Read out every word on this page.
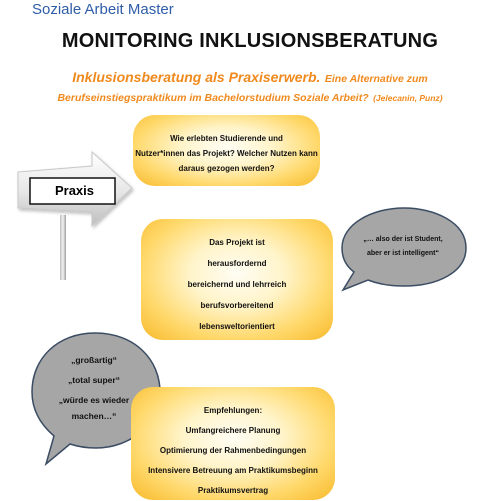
Soziale Arbeit Master
MONITORING INKLUSIONSBERATUNG
Inklusionsberatung als Praxiserwerb. Eine Alternative zum
Berufseinstiegspraktikum im Bachelorstudium Soziale Arbeit? (Jelecanin, Punz)
Praxis
Wie erlebten Studierende und
Nutzer*innen das Projekt? Welcher Nutzen kann
daraus gezogen werden?
Das Projekt ist
herausfordernd
bereichernd und lehrreich
berufsvorbereitend
lebensweltorientiert
„… also der ist Student,
aber er ist intelligent“
„großartig“
„total super“
„würde es wieder
machen…“
Empfehlungen:
Umfangreichere Planung
Optimierung der Rahmenbedingungen
Intensivere Betreuung am Praktikumsbeginn
Praktikumsvertrag
